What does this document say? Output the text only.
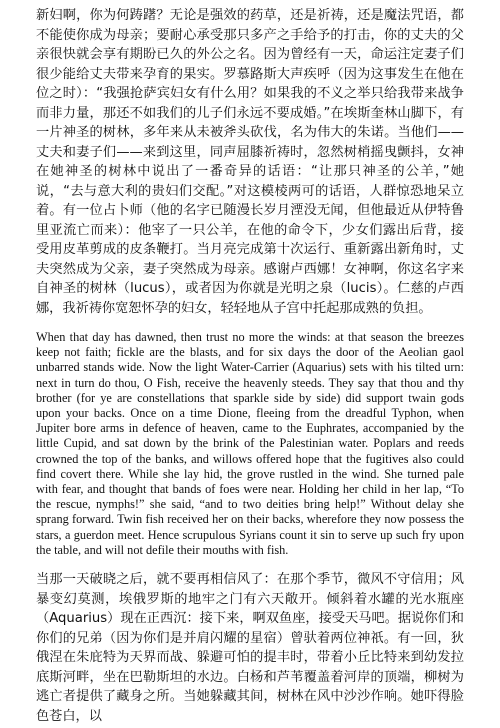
新妇啊，你为何踌躇？无论是强效的药草，还是祈祷，还是魔法咒语，都不能使你成为母亲；要耐心承受那只多产之手给予的打击，你的丈夫的父亲很快就会享有期盼已久的外公之名。因为曾经有一天，命运注定妻子们很少能给丈夫带来孕育的果实。罗慕路斯大声疾呼（因为这事发生在他在位之时）：“我强抢萨宾妇女有什么用？如果我的不义之举只给我带来战争而非力量，那还不如我们的儿子们永远不要成婚。”在埃斯奎林山脚下，有一片神圣的树林，多年来从未被斧头砍伐，名为伟大的朱诺。当他们——丈夫和妻子们——来到这里，同声屈膝祈祷时，忽然树梢摇曳颤抖，女神在她神圣的树林中说出了一番奇异的话语：“让那只神圣的公羊，”她说，“去与意大利的贵妇们交配。”对这模棱两可的话语，人群惊恐地呆立着。有一位占卜师（他的名字已随漫长岁月湮没无闻，但他最近从伊特鲁里亚流亡而来）：他宰了一只公羊，在他的命令下，少女们露出后背，接受用皮革剪成的皮条鞭打。当月亮完成第十次运行、重新露出新角时，丈夫突然成为父亲，妻子突然成为母亲。感谢卢西娜！女神啊，你这名字来自神圣的树林（lucus），或者因为你就是光明之泉（lucis）。仁慈的卢西娜，我祈祷你宽恕怀孕的妇女，轻轻地从子宫中托起那成熟的负担。

When that day has dawned, then trust no more the winds: at that season the breezes keep not faith; fickle are the blasts, and for six days the door of the Aeolian gaol unbarred stands wide. Now the light Water-Carrier (Aquarius) sets with his tilted urn: next in turn do thou, O Fish, receive the heavenly steeds. They say that thou and thy brother (for ye are constellations that sparkle side by side) did support twain gods upon your backs. Once on a time Dione, fleeing from the dreadful Typhon, when Jupiter bore arms in defence of heaven, came to the Euphrates, accompanied by the little Cupid, and sat down by the brink of the Palestinian water. Poplars and reeds crowned the top of the banks, and willows offered hope that the fugitives also could find covert there. While she lay hid, the grove rustled in the wind. She turned pale with fear, and thought that bands of foes were near. Holding her child in her lap, “To the rescue, nymphs!” she said, “and to two deities bring help!” Without delay she sprang forward. Twin fish received her on their backs, wherefore they now possess the stars, a guerdon meet. Hence scrupulous Syrians count it sin to serve up such fry upon the table, and will not defile their mouths with fish.

当那一天破晓之后，就不要再相信风了：在那个季节，微风不守信用；风暴变幻莫测，埃俄罗斯的地牢之门有六天敞开。倾斜着水罐的光水瓶座（Aquarius）现在正西沉：接下来，啊双鱼座，接受天马吧。据说你们和你们的兄弟（因为你们是并肩闪耀的星宿）曾驮着两位神祇。有一回，狄俄涅在朱庇特为天界而战、躲避可怕的提丰时，带着小丘比特来到幼发拉底斯河畔，坐在巴勒斯坦的水边。白杨和芦苇覆盖着河岸的顶端，柳树为逃亡者提供了藏身之所。当她躲藏其间，树林在风中沙沙作响。她吓得脸色苍白，以
